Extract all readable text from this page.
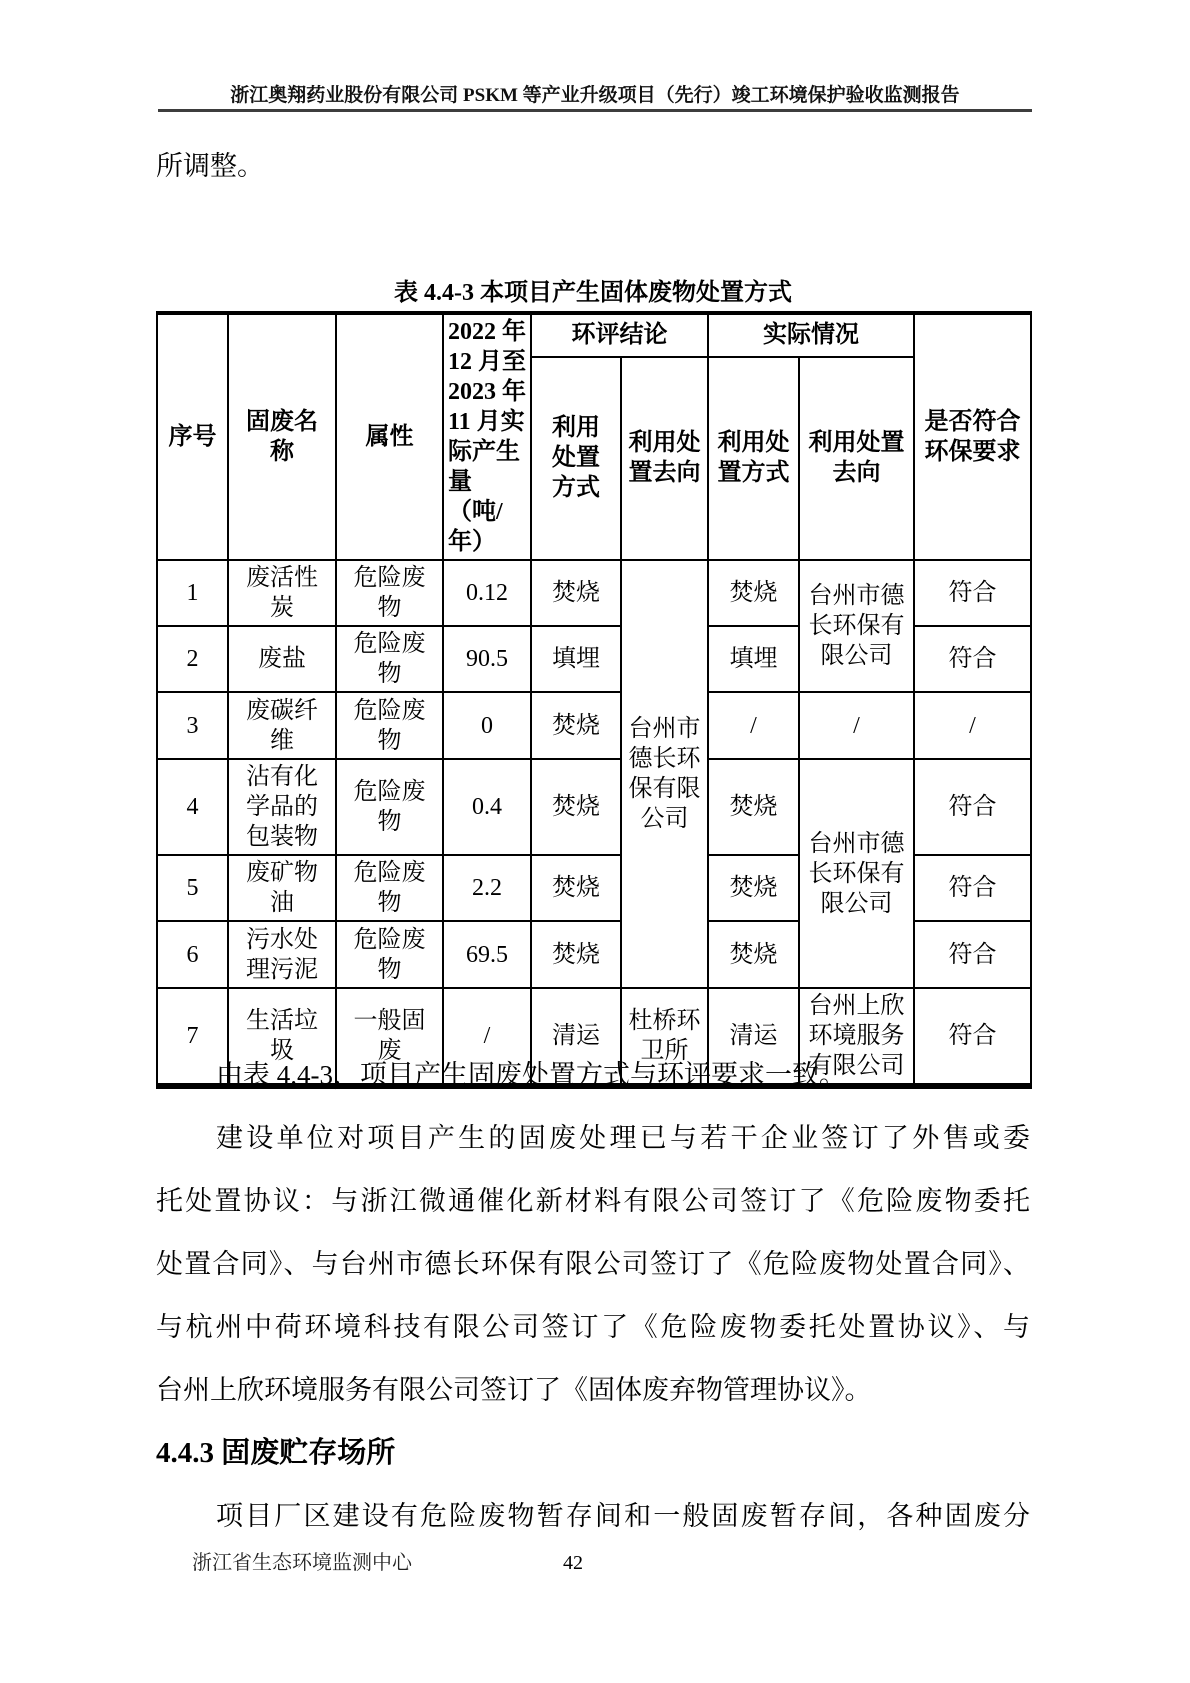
浙江奥翔药业股份有限公司 PSKM 等产业升级项目（先行）竣工环境保护验收监测报告
所调整。
表 4.4-3 本项目产生固体废物处置方式
序号	固废名称	属性	2022 年 12 月至 2023 年 11 月实际产生量（吨/年）	环评结论		实际情况		是否符合环保要求
				利用处置方式	利用处置去向	利用处置方式	利用处置去向	
1	废活性炭	危险废物	0.12	焚烧	台州市德长环保有限公司	焚烧	台州市德长环保有限公司	符合
2	废盐	危险废物	90.5	填埋		填埋		符合
3	废碳纤维	危险废物	0	焚烧		/	/	/
4	沾有化学品的包装物	危险废物	0.4	焚烧		焚烧	台州市德长环保有限公司	符合
5	废矿物油	危险废物	2.2	焚烧		焚烧		符合
6	污水处理污泥	危险废物	69.5	焚烧		焚烧		符合
7	生活垃圾	一般固废	/	清运	杜桥环卫所	清运	台州上欣环境服务有限公司	符合
由表 4.4-3，项目产生固废处置方式与环评要求一致。
建设单位对项目产生的固废处理已与若干企业签订了外售或委
托处置协议：与浙江微通催化新材料有限公司签订了《危险废物委托
处置合同》、与台州市德长环保有限公司签订了《危险废物处置合同》、
与杭州中荷环境科技有限公司签订了《危险废物委托处置协议》、与
台州上欣环境服务有限公司签订了《固体废弃物管理协议》。
4.4.3 固废贮存场所
项目厂区建设有危险废物暂存间和一般固废暂存间，各种固废分
浙江省生态环境监测中心	42
